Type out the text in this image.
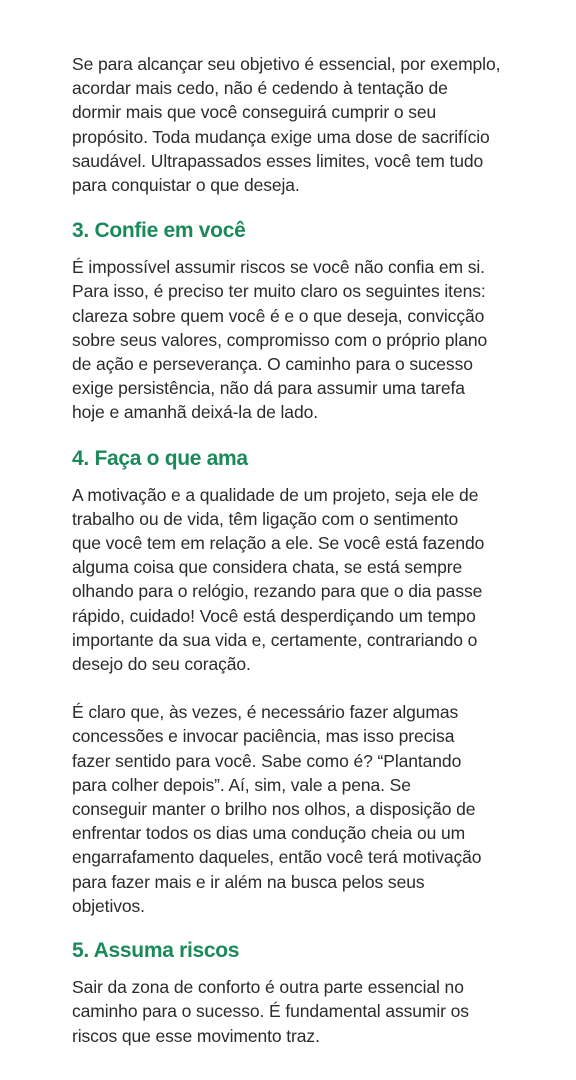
Se para alcançar seu objetivo é essencial, por exemplo,
acordar mais cedo, não é cedendo à tentação de
dormir mais que você conseguirá cumprir o seu
propósito. Toda mudança exige uma dose de sacrifício
saudável. Ultrapassados esses limites, você tem tudo
para conquistar o que deseja.

3. Confie em você

É impossível assumir riscos se você não confia em si.
Para isso, é preciso ter muito claro os seguintes itens:
clareza sobre quem você é e o que deseja, convicção
sobre seus valores, compromisso com o próprio plano
de ação e perseverança. O caminho para o sucesso
exige persistência, não dá para assumir uma tarefa
hoje e amanhã deixá-la de lado.

4. Faça o que ama

A motivação e a qualidade de um projeto, seja ele de
trabalho ou de vida, têm ligação com o sentimento
que você tem em relação a ele. Se você está fazendo
alguma coisa que considera chata, se está sempre
olhando para o relógio, rezando para que o dia passe
rápido, cuidado! Você está desperdiçando um tempo
importante da sua vida e, certamente, contrariando o
desejo do seu coração.

É claro que, às vezes, é necessário fazer algumas
concessões e invocar paciência, mas isso precisa
fazer sentido para você. Sabe como é? “Plantando
para colher depois”. Aí, sim, vale a pena. Se
conseguir manter o brilho nos olhos, a disposição de
enfrentar todos os dias uma condução cheia ou um
engarrafamento daqueles, então você terá motivação
para fazer mais e ir além na busca pelos seus
objetivos.

5. Assuma riscos

Sair da zona de conforto é outra parte essencial no
caminho para o sucesso. É fundamental assumir os
riscos que esse movimento traz.
